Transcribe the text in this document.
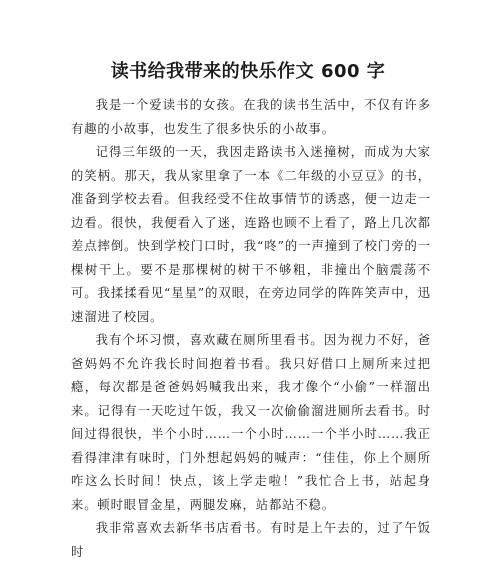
读书给我带来的快乐作文 600 字

我是一个爱读书的女孩。在我的读书生活中，不仅有许多有趣的小故事，也发生了很多快乐的小故事。

记得三年级的一天，我因走路读书入迷撞树，而成为大家的笑柄。那天，我从家里拿了一本《二年级的小豆豆》的书，准备到学校去看。但我经受不住故事情节的诱惑，便一边走一边看。很快，我便看入了迷，连路也顾不上看了，路上几次都差点摔倒。快到学校门口时，我“咚”的一声撞到了校门旁的一棵树干上。要不是那棵树的树干不够粗，非撞出个脑震荡不可。我揉揉看见“星星”的双眼，在旁边同学的阵阵笑声中，迅速溜进了校园。

我有个坏习惯，喜欢藏在厕所里看书。因为视力不好，爸爸妈妈不允许我长时间抱着书看。我只好借口上厕所来过把瘾，每次都是爸爸妈妈喊我出来，我才像个“小偷”一样溜出来。记得有一天吃过午饭，我又一次偷偷溜进厕所去看书。时间过得很快，半个小时……一个小时……一个半小时……我正看得津津有味时，门外想起妈妈的喊声：“佳佳，你上个厕所咋这么长时间！快点，该上学走啦！”我忙合上书，站起身来。顿时眼冒金星，两腿发麻，站都站不稳。

我非常喜欢去新华书店看书。有时是上午去的，过了午饭时
